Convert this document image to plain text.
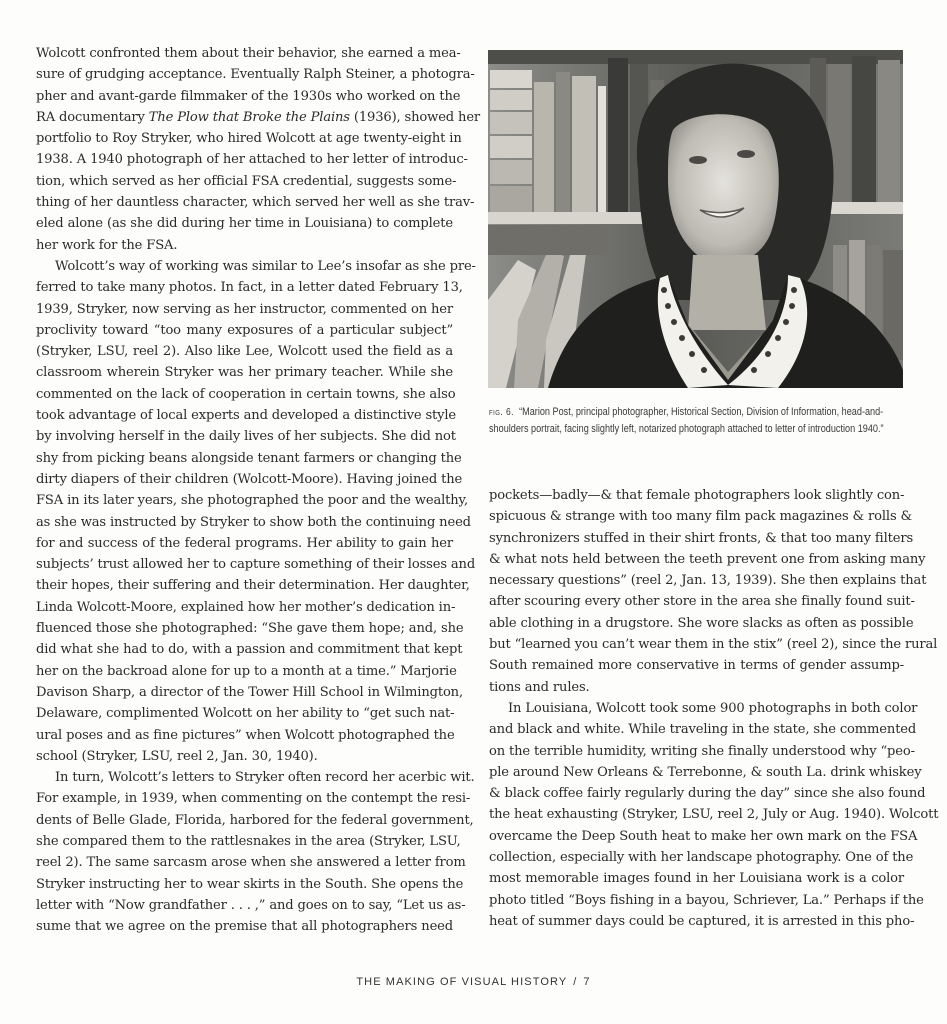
Wolcott confronted them about their behavior, she earned a mea-
sure of grudging acceptance. Eventually Ralph Steiner, a photogra-
pher and avant-garde filmmaker of the 1930s who worked on the
RA documentary The Plow that Broke the Plains (1936), showed her
portfolio to Roy Stryker, who hired Wolcott at age twenty-eight in
1938. A 1940 photograph of her attached to her letter of introduc-
tion, which served as her official FSA credential, suggests some-
thing of her dauntless character, which served her well as she trav-
eled alone (as she did during her time in Louisiana) to complete
her work for the FSA.

Wolcott’s way of working was similar to Lee’s insofar as she pre-
ferred to take many photos. In fact, in a letter dated February 13,
1939, Stryker, now serving as her instructor, commented on her
proclivity toward “too many exposures of a particular subject”
(Stryker, LSU, reel 2). Also like Lee, Wolcott used the field as a
classroom wherein Stryker was her primary teacher. While she
commented on the lack of cooperation in certain towns, she also
took advantage of local experts and developed a distinctive style
by involving herself in the daily lives of her subjects. She did not
shy from picking beans alongside tenant farmers or changing the
dirty diapers of their children (Wolcott-Moore). Having joined the
FSA in its later years, she photographed the poor and the wealthy,
as she was instructed by Stryker to show both the continuing need
for and success of the federal programs. Her ability to gain her
subjects’ trust allowed her to capture something of their losses and
their hopes, their suffering and their determination. Her daughter,
Linda Wolcott-Moore, explained how her mother’s dedication in-
fluenced those she photographed: “She gave them hope; and, she
did what she had to do, with a passion and commitment that kept
her on the backroad alone for up to a month at a time.” Marjorie
Davison Sharp, a director of the Tower Hill School in Wilmington,
Delaware, complimented Wolcott on her ability to “get such nat-
ural poses and as fine pictures” when Wolcott photographed the
school (Stryker, LSU, reel 2, Jan. 30, 1940).

In turn, Wolcott’s letters to Stryker often record her acerbic wit.
For example, in 1939, when commenting on the contempt the resi-
dents of Belle Glade, Florida, harbored for the federal government,
she compared them to the rattlesnakes in the area (Stryker, LSU,
reel 2). The same sarcasm arose when she answered a letter from
Stryker instructing her to wear skirts in the South. She opens the
letter with “Now grandfather . . . ,” and goes on to say, “Let us as-
sume that we agree on the premise that all photographers need

fig. 6. “Marion Post, principal photographer, Historical Section, Division of Information, head-and-shoulders portrait, facing slightly left, notarized photograph attached to letter of introduction 1940.”

pockets—badly—& that female photographers look slightly con-
spicuous & strange with too many film pack magazines & rolls &
synchronizers stuffed in their shirt fronts, & that too many filters
& what nots held between the teeth prevent one from asking many
necessary questions” (reel 2, Jan. 13, 1939). She then explains that
after scouring every other store in the area she finally found suit-
able clothing in a drugstore. She wore slacks as often as possible
but “learned you can’t wear them in the stix” (reel 2), since the rural
South remained more conservative in terms of gender assump-
tions and rules.

In Louisiana, Wolcott took some 900 photographs in both color
and black and white. While traveling in the state, she commented
on the terrible humidity, writing she finally understood why “peo-
ple around New Orleans & Terrebonne, & south La. drink whiskey
& black coffee fairly regularly during the day” since she also found
the heat exhausting (Stryker, LSU, reel 2, July or Aug. 1940). Wolcott
overcame the Deep South heat to make her own mark on the FSA
collection, especially with her landscape photography. One of the
most memorable images found in her Louisiana work is a color
photo titled “Boys fishing in a bayou, Schriever, La.” Perhaps if the
heat of summer days could be captured, it is arrested in this pho-

THE MAKING OF VISUAL HISTORY / 7
